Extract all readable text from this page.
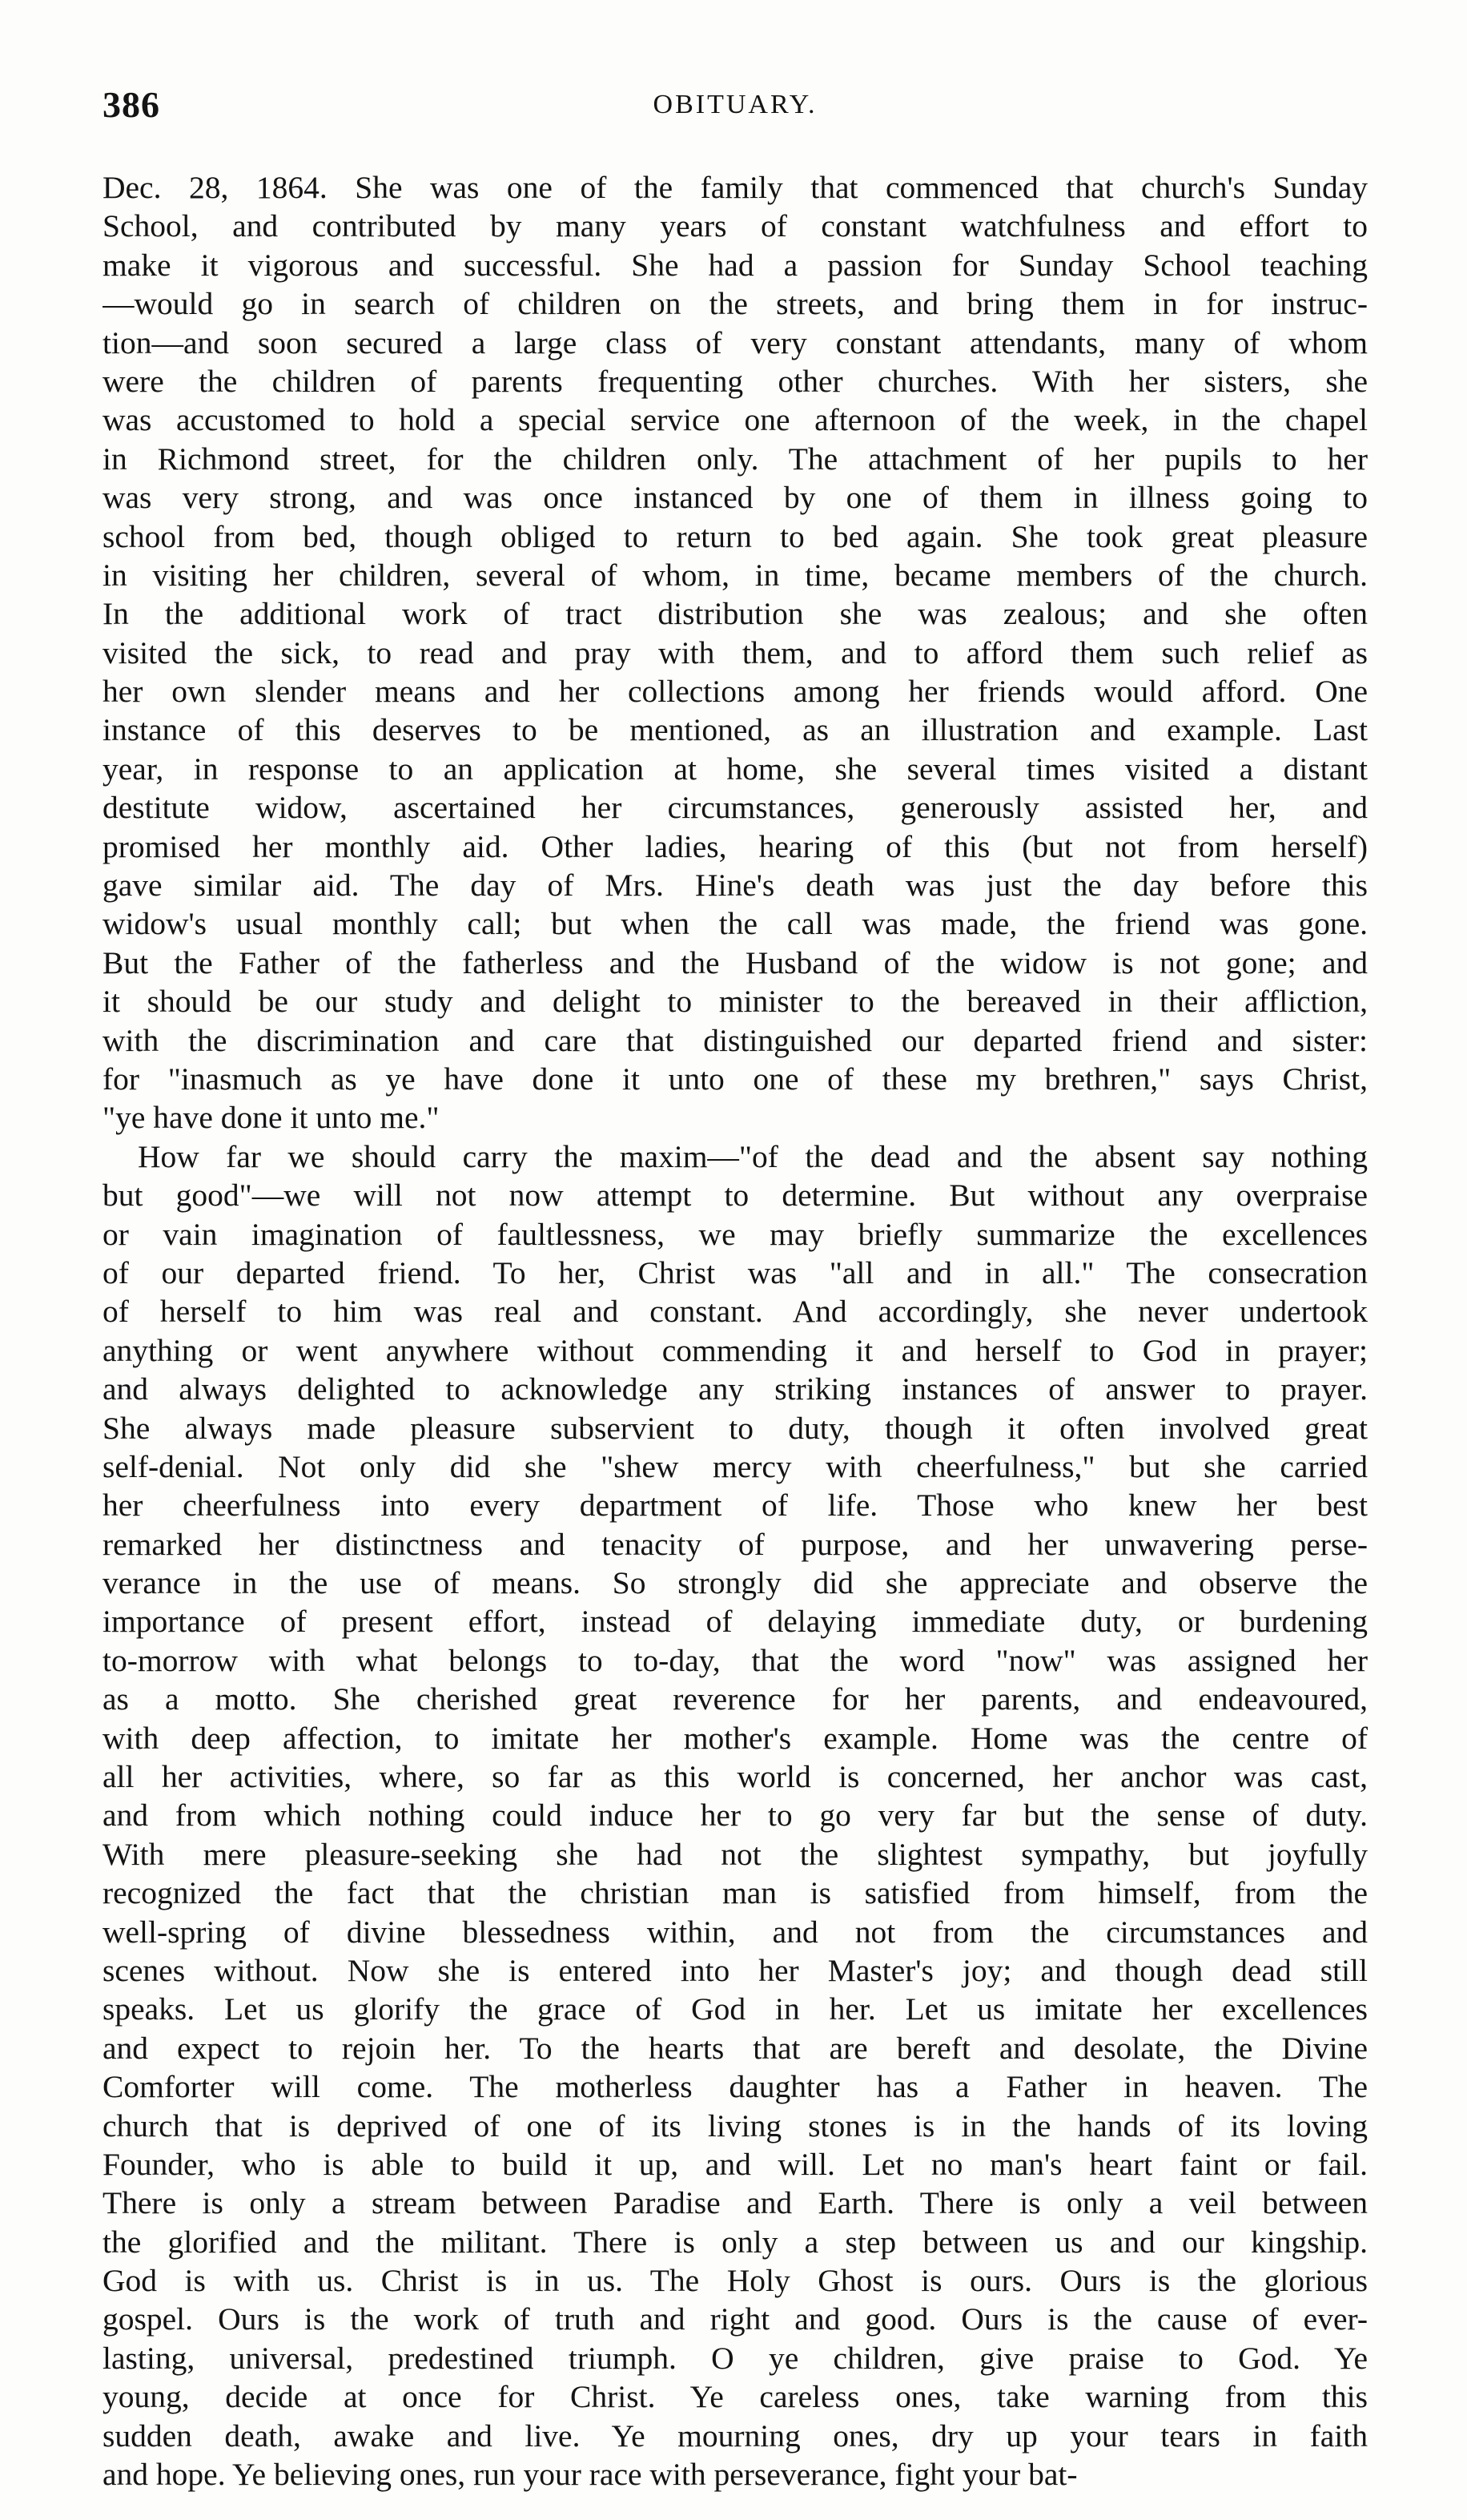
386	OBITUARY.
Dec. 28, 1864. She was one of the family that commenced that church's Sunday
School, and contributed by many years of constant watchfulness and effort to
make it vigorous and successful. She had a passion for Sunday School teaching
—would go in search of children on the streets, and bring them in for instruc-
tion—and soon secured a large class of very constant attendants, many of whom
were the children of parents frequenting other churches. With her sisters, she
was accustomed to hold a special service one afternoon of the week, in the chapel
in Richmond street, for the children only. The attachment of her pupils to her
was very strong, and was once instanced by one of them in illness going to
school from bed, though obliged to return to bed again. She took great pleasure
in visiting her children, several of whom, in time, became members of the church.
In the additional work of tract distribution she was zealous; and she often
visited the sick, to read and pray with them, and to afford them such relief as
her own slender means and her collections among her friends would afford. One
instance of this deserves to be mentioned, as an illustration and example. Last
year, in response to an application at home, she several times visited a distant
destitute widow, ascertained her circumstances, generously assisted her, and
promised her monthly aid. Other ladies, hearing of this (but not from herself)
gave similar aid. The day of Mrs. Hine's death was just the day before this
widow's usual monthly call; but when the call was made, the friend was gone.
But the Father of the fatherless and the Husband of the widow is not gone; and
it should be our study and delight to minister to the bereaved in their affliction,
with the discrimination and care that distinguished our departed friend and sister:
for "inasmuch as ye have done it unto one of these my brethren," says Christ,
"ye have done it unto me."
How far we should carry the maxim—"of the dead and the absent say nothing
but good"—we will not now attempt to determine. But without any overpraise
or vain imagination of faultlessness, we may briefly summarize the excellences
of our departed friend. To her, Christ was "all and in all." The consecration
of herself to him was real and constant. And accordingly, she never undertook
anything or went anywhere without commending it and herself to God in prayer;
and always delighted to acknowledge any striking instances of answer to prayer.
She always made pleasure subservient to duty, though it often involved great
self-denial. Not only did she "shew mercy with cheerfulness," but she carried
her cheerfulness into every department of life. Those who knew her best
remarked her distinctness and tenacity of purpose, and her unwavering perse-
verance in the use of means. So strongly did she appreciate and observe the
importance of present effort, instead of delaying immediate duty, or burdening
to-morrow with what belongs to to-day, that the word "now" was assigned her
as a motto. She cherished great reverence for her parents, and endeavoured,
with deep affection, to imitate her mother's example. Home was the centre of
all her activities, where, so far as this world is concerned, her anchor was cast,
and from which nothing could induce her to go very far but the sense of duty.
With mere pleasure-seeking she had not the slightest sympathy, but joyfully
recognized the fact that the christian man is satisfied from himself, from the
well-spring of divine blessedness within, and not from the circumstances and
scenes without. Now she is entered into her Master's joy; and though dead still
speaks. Let us glorify the grace of God in her. Let us imitate her excellences
and expect to rejoin her. To the hearts that are bereft and desolate, the Divine
Comforter will come. The motherless daughter has a Father in heaven. The
church that is deprived of one of its living stones is in the hands of its loving
Founder, who is able to build it up, and will. Let no man's heart faint or fail.
There is only a stream between Paradise and Earth. There is only a veil between
the glorified and the militant. There is only a step between us and our kingship.
God is with us. Christ is in us. The Holy Ghost is ours. Ours is the glorious
gospel. Ours is the work of truth and right and good. Ours is the cause of ever-
lasting, universal, predestined triumph. O ye children, give praise to God. Ye
young, decide at once for Christ. Ye careless ones, take warning from this
sudden death, awake and live. Ye mourning ones, dry up your tears in faith
and hope. Ye believing ones, run your race with perseverance, fight your bat-
